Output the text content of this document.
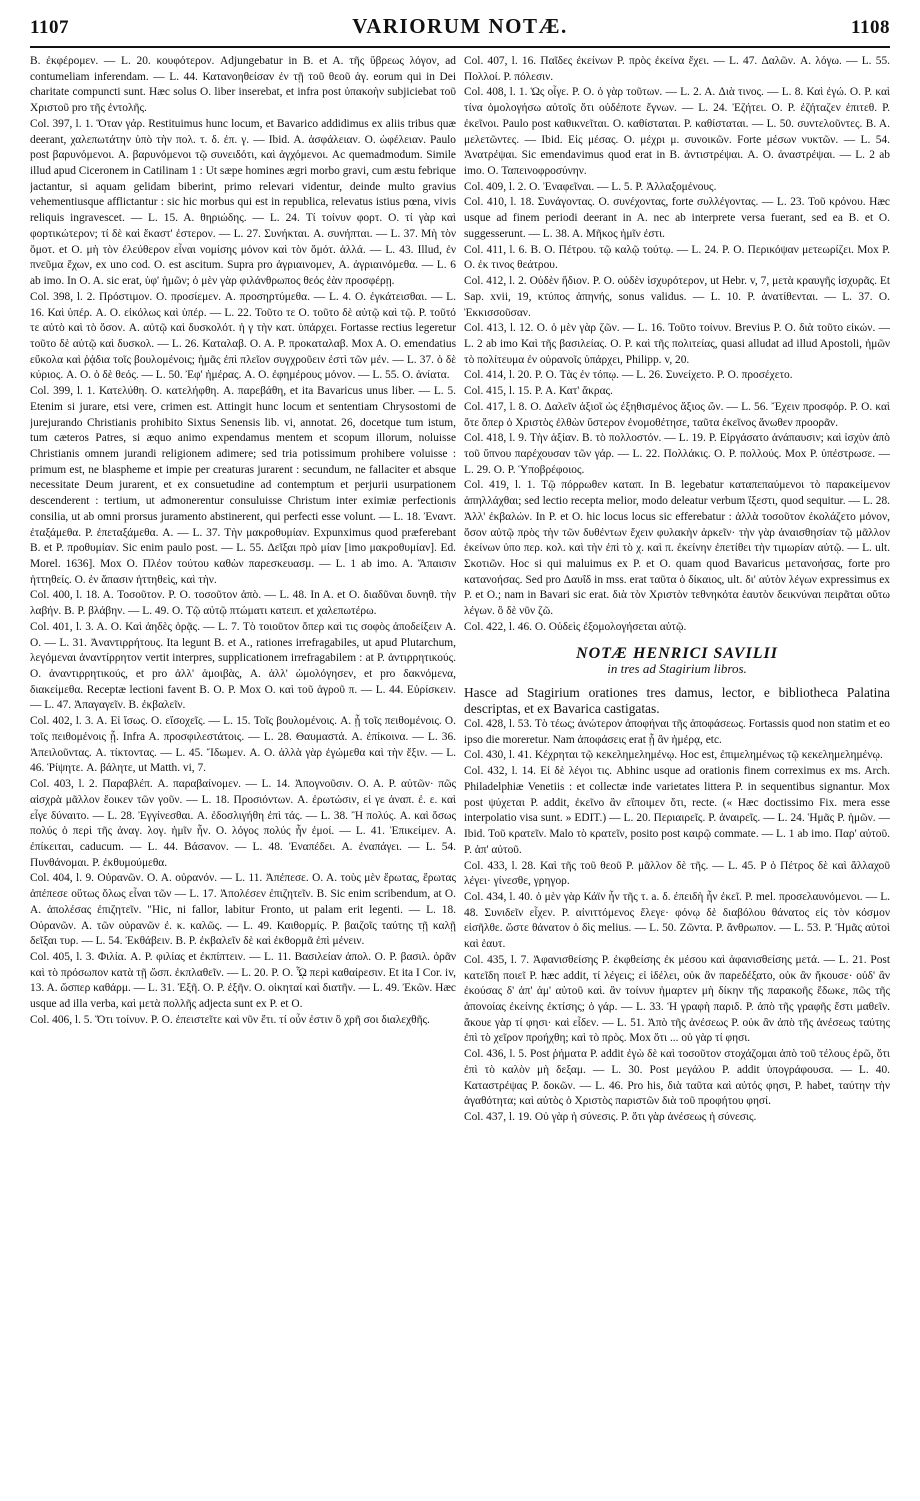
1107	VARIORUM NOTÆ.	1108

B. ἐκφέρομεν. — L. 20. κουφότερον. Adjungebatur in B. et A. τῆς ὕβρεως λόγον, ad contumeliam inferendam. — L. 44. Κατανοηθείσαν ἐν τῇ τοῦ θεοῦ ἀγ. eorum qui in Dei charitate compuncti sunt. Hæc solus O. liber inserebat, et infra post ὑπακοὴν subjiciebat τοῦ Χριστοῦ pro τῆς ἐντολῆς.

Col. 397, l. 1. Ὅταν γάρ. Restituimus hunc locum, et Bavarico addidimus ex aliis tribus quæ deerant, χαλεπωτάτην ὑπὸ τὴν πολ. τ. δ. ἐπ. γ. — Ibid. A. ἀσφάλειαν. O. ὠφέλειαν. Paulo post βαρυνόμενοι. A. βαρυνόμενοι τῷ συνειδότι, καὶ ἀγχόμενοι. Ac quemadmodum. Simile illud apud Ciceronem in Catilinam 1 : Ut sæpe homines ægri morbo gravi, cum æstu febrique jactantur, si aquam gelidam biberint, primo relevari videntur, deinde multo gravius vehementiusque afflictantur : sic hic morbus qui est in republica, relevatus istius pœna, vivis reliquis ingravescet. — L. 15. A. θηριώδης. — L. 24. Τί τοίνυν φορτ. O. τί γὰρ καὶ φορτικώτερον; τί δὲ καὶ ἔκαστ' ἐστερον. — L. 27. Συνήκται. A. συνήπται. — L. 37. Μὴ τὸν ὅμοτ. et O. μὴ τὸν ἐλεύθερον εἶναι νομίσης μόνον καὶ τὸν ὅμότ. ἀλλά. — L. 43. Illud, ἐν πνεῦμα ἔχων, ex uno cod. O. est ascitum. Supra pro ἀγριαινομεν, A. ἀγριαινόμεθα. — L. 6 ab imo. In O. A. sic erat, ὑφ' ἡμῶν; ὁ μὲν γὰρ φιλάνθρωπος θεός ἐὰν προσφέρῃ.

Col. 398, l. 2. Πρόστιμον. O. προσίεμεν. A. προσηρτύμεθα. — L. 4. O. ἐγκάτεισθαι. — L. 16. Καὶ ὑπέρ. A. O. εἰκόλως καὶ ὑπέρ. — L. 22. Τοῦτο τε O. τοῦτο δὲ αὐτῷ καὶ τῷ. P. τοῦτό τε αὐτὸ καὶ τὸ ὅσον. A. αὐτῷ καὶ δυσκολότ. ἡ γ τὴν κατ. ὑπάρχει. Fortasse rectius legeretur τοῦτο δὲ αὐτῷ καὶ δυσκολ. — L. 26. Καταλαβ. O. A. P. προκαταλαβ. Mox A. O. emendatius εὔκολα καὶ ῥᾴδια τοῖς βουλομένοις; ἡμᾶς ἐπὶ πλεῖον συγχροῦειν ἐστὶ τῶν μέν. — L. 37. ὁ δὲ κύριος. A. O. ὁ δὲ θεός. — L. 50. Ἐφ' ἡμέρας. A. O. ἐφημέρους μόνον. — L. 55. O. ἀνίατα.

Col. 399, l. 1. Κατελύθη. O. κατελήφθη. A. παρεβάθη, et ita Bavaricus unus liber. — L. 5. Etenim si jurare, etsi vere, crimen est. Attingit hunc locum et sententiam Chrysostomi de jurejurando Christianis prohibito Sixtus Senensis lib. vi, annotat. 26, docetque tum istum, tum cæteros Patres, si æquo animo expendamus mentem et scopum illorum, noluisse Christianis omnem jurandi religionem adimere; sed tria potissimum prohibere voluisse : primum est, ne blaspheme et impie per creaturas jurarent : secundum, ne fallaciter et absque necessitate Deum jurarent, et ex consuetudine ad contemptum et perjurii usurpationem descenderent : tertium, ut admonerentur consuluisse Christum inter eximiæ perfectionis consilia, ut ab omni prorsus juramento abstinerent, qui perfecti esse volunt. — L. 18. Ἐναντ. ἐταξάμεθα. P. ἐπεταξάμεθα. A. — L. 37. Τὴν μακροθυμίαν. Expunximus quod præferebant B. et P. προθυμίαν. Sic enim paulo post. — L. 55. Δεῖξαι πρὸ μίαν [imo μακροθυμίαν]. Ed. Morel. 1636]. Mox O. Πλέον τούτου καθὼν παρεσκευασμ. — L. 1 ab imo. A. Ἄπαισιν ἡττηθείς. O. ἐν ἅπασιν ἡττηθεὶς, καὶ τὴν.

Col. 400, l. 18. A. Τοσοῦτον. P. O. τοσοῦτον ἀπὸ. — L. 48. In A. et O. διαδῦναι δυνηθ. τὴν λαβήν. B. P. βλάβην. — L. 49. O. Τῷ αὐτῷ πτώματι κατειπ. et χαλεπωτέρω.

Col. 401, l. 3. A. O. Καὶ ἀηδὲς ὁρᾷς. — L. 7. Τὸ τοιοῦτον ὅπερ καὶ τις σοφὸς ἀποδείξειν A. O. — L. 31. Ἀναντιρρήτους. Ita legunt B. et A., rationes irrefragabiles, ut apud Plutarchum, λεγόμεναι ἀναντίρρητον vertit interpres, supplicationem irrefragabilem : at P. ἀντιρρητικούς. O. ἀναντιρρητικούς, et pro ἀλλ' ἀμοιβὰς, A. ἀλλ' ὠμολόγησεν, et pro δακνόμενα, διακείμεθα. Receptæ lectioni favent B. O. P. Mox O. καὶ τοῦ ἀγροῦ π. — L. 44. Εὐρίσκειν. — L. 47. Ἀπαγαγεῖν. B. ἐκβαλεῖν.

Col. 402, l. 3. A. Εἰ ἴσως. O. εἴσοχεῖς. — L. 15. Τοῖς βουλομένοις. A. ᾗ τοῖς πειθομένοις. O. τοῖς πειθομένοις ᾗ. Infra A. προσφιλεστάτοις. — L. 28. Θαυμαστά. A. ἐπίκοινα. — L. 36. Ἀπειλοῦντας. A. τίκτοντας. — L. 45. Ἴδωμεν. A. O. ἀλλὰ γὰρ ἐγώμεθα καὶ τὴν ἕξιν. — L. 46. Ῥίψητε. A. βάλητε, ut Matth. vi, 7.

Col. 403, l. 2. Παραβλέπ. A. παραβαίνομεν. — L. 14. Ἀπογνοῦσιν. O. A. P. αὐτῶν· πῶς αἰσχρὰ μᾶλλον ἔοικεν τῶν γοῦν. — L. 18. Προσιόντων. A. ἐρωτώσιν, εἰ γε ἀναπ. ἐ. ε. καὶ εἶγε δύναιτο. — L. 28. Ἐγγίνεσθαι. A. ἐδοσλιγήθη ἐπὶ τάς. — L. 38. Ἢ πολύς. A. καὶ ὅσως πολύς ὁ περὶ τῆς ἀναγ. λογ. ἡμῖν ἦν. O. λόγος πολύς ἦν ἐμοί. — L. 41. Ἐπικείμεν. A. ἐπίκειται, caducum. — L. 44. Βάσανον. — L. 48. Ἐναπέδει. A. ἐναπάγει. — L. 54. Πυνθάνομαι. P. ἐκθυμούμεθα.

Col. 404, l. 9. Οὐρανῶν. O. A. οὐρανόν. — L. 11. Ἀπέπεσε. O. A. τοὺς μὲν ἔρωτας, ἔρωτας ἀπέπεσε οὕτως ὅλως εἶναι τῶν — L. 17. Ἀπολέσεν ἐπιζητεῖν. B. Sic enim scribendum, at O. A. ἀπολέσας ἐπιζητεῖν. "Hic, ni fallor, labitur Fronto, ut palam erit legenti. — L. 18. Οὐρανῶν. A. τῶν οὐρανῶν ἐ. κ. καλῶς. — L. 49. Καιθορμίς. P. βαιζοῖς ταύτης τῇ καλῇ δεῖξαι τυρ. — L. 54. Ἐκθάβειν. B. P. ἐκβαλεῖν δὲ καὶ ἐκθορμᾶ ἐπὶ μένειν.

Col. 405, l. 3. Φιλία. A. P. φιλίας et ἐκπίπτειν. — L. 11. Βασιλείαν ἀπολ. O. P. βασιλ. ὁρᾶν καὶ τὸ πρόσωπον κατὰ τῇ ὥσπ. ἐκπλαθεῖν. — L. 20. P. O. ᾯ περὶ καθαίρεσιν. Et ita I Cor. iv, 13. A. ὥσπερ καθάρμ. — L. 31. Ἐξῆ. O. P. ἐξῆν. O. οἰκηταί καὶ διατῆν. — L. 49. Ἐκῶν. Hæc usque ad illa verba, καὶ μετὰ πολλῆς adjecta sunt ex P. et O.

Col. 406, l. 5. Ὅτι τοίνυν. P. O. ἐπειστεῖτε καὶ νῦν ἔτι. τί οὖν ἐστιν ὃ χρῆ σοι διαλεχθῆς.

Col. 407, l. 16. Παῖδες ἐκείνων P. πρὸς ἐκείνα ἔχει. — L. 47. Δαλῶν. A. λόγω. — L. 55. Πολλοί. P. πόλεσιν.

Col. 408, l. 1. Ὡς οἶγε. P. O. ὁ γὰρ τοῦτων. — L. 2. A. Διὰ τινος. — L. 8. Καὶ ἐγώ. O. P. καὶ τίνα ὁμολογήσω αὐτοῖς ὅτι οὐδέποτε ἔγνων. — L. 24. Ἐζήτει. O. P. ἐζήταζεν ἐπιτεθ. P. ἐκεῖνοι. Paulo post καθικνεῖται. O. καθίσταται. P. καθίσταται. — L. 50. συντελοῦντες. B. A. μελετῶντες. — Ibid. Εἰς μέσας. O. μέχρι μ. συνοικῶν. Forte μέσων νυκτῶν. — L. 54. Ἀνατρέψαι. Sic emendavimus quod erat in B. ἀντιστρέψαι. A. O. ἀναστρέψαι. — L. 2 ab imo. O. Ταπεινοφροσύνην.

Col. 409, l. 2. O. Ἐναφεῖναι. — L. 5. P. Ἀλλαξομένους.

Col. 410, l. 18. Συνάγοντας. O. συνέχοντας, forte συλλέγοντας. — L. 23. Τοῦ κρόνου. Hæc usque ad finem periodi deerant in A. nec ab interprete versa fuerant, sed ea B. et O. suggesserunt. — L. 38. A. Μῆκος ἡμῖν ἐστι.

Col. 411, l. 6. B. O. Πέτρου. τῷ καλῷ τούτῳ. — L. 24. P. O. Περικόψαν μετεωρίζει. Mox P. O. ἐκ τινος θεάτρου.

Col. 412, l. 2. Οὐδὲν ἥδιον. P. O. οὐδὲν ἰσχυρότερον, ut Hebr. v, 7, μετὰ κραυγῆς ἰσχυρᾶς. Et Sap. xvii, 19, κτύπος ἀπηνής, sonus validus. — L. 10. P. ἀνατίθενται. — L. 37. O. Ἐκκισσοῦσαν.

Col. 413, l. 12. O. ὁ μὲν γὰρ ζῶν. — L. 16. Τοῦτο τοίνυν. Brevius P. O. διὰ τοῦτο εἰκών. — L. 2 ab imo Καὶ τῆς βασιλείας. O. P. καὶ τῆς πολιτείας, quasi alludat ad illud Apostoli, ἡμῶν τὸ πολίτευμα ἐν οὐρανοῖς ὑπάρχει, Philipp. v, 20.

Col. 414, l. 20. P. O. Τὰς ἐν τόπῳ. — L. 26. Συνείχετο. P. O. προσέχετο.

Col. 415, l. 15. P. A. Κατ' ἄκρας.

Col. 417, l. 8. O. Δαλεῖν ἀξιοῖ ὡς ἐξηθισμένος ἄξιος ὤν. — L. 56. Ἔχειν προσφόρ. P. O. καὶ ὅτε ὅπερ ὁ Χριστὸς ἐλθὼν ὕστερον ἐνομοθέτησε, ταῦτα ἐκεῖνος ἄνωθεν προορᾶν.

Col. 418, l. 9. Τὴν ἀξίαν. B. τὸ πολλοστόν. — L. 19. P. Εἰργάσατο ἀνάπαυσιν; καὶ ἰσχὺν ἀπὸ τοῦ ὕπνου παρέχουσαν τῶν γάρ. — L. 22. Πολλάκις. O. P. πολλούς. Mox P. ὑπέστρωσε. — L. 29. O. P. Ὑποβρέφοιος.

Col. 419, l. 1. Τῷ πόρρωθεν καταπ. In B. legebatur καταπεπαύμενοι τὸ παρακείμενον ἀπηλλάχθαι; sed lectio recepta melior, modo deleatur verbum ἴξεστι, quod sequitur. — L. 28. Ἀλλ' ἐκβαλών. In P. et O. hic locus locus sic efferebatur : ἀλλὰ τοσοῦτον ἐκολάζετο μόνον, ὅσον αὐτῷ πρὸς τὴν τῶν δυθέντων ἔχειν φυλακὴν ἀρκεῖν· τὴν γὰρ ἀναισθησίαν τῷ μᾶλλον ἐκείνων ὑπο περ. κολ. καὶ τὴν ἐπὶ τὸ χ. καὶ π. ἐκείνην ἐπετίθει τὴν τιμωρίαν αὐτῷ. — L. ult. Σκοτιῶν. Hoc si qui maluimus ex P. et O. quam quod Bavaricus μετανοήσας, forte pro κατανοήσας. Sed pro Δαυΐδ in mss. erat ταῦτα ὁ δίκαιος, ult. δι' αὐτὸν λέγων expressimus ex P. et O.; nam in Bavari sic erat. διὰ τὸν Χριστὸν τεθνηκότα ἑαυτὸν δεικνύναι πειρᾶται οὕτω λέγων. ὃ δὲ νῦν ζῶ.

Col. 422, l. 46. O. Οὐδεὶς ἐξομολογήσεται αὐτῷ.

NOTÆ HENRICI SAVILII
in tres ad Stagirium libros.

Hasce ad Stagirium orationes tres damus, lector, e bibliotheca Palatina descriptas, et ex Bavarica castigatas.

Col. 428, l. 53. Τὸ τέως; ἀνώτερον ἀποφήναι τῆς ἀποφάσεως. Fortassis quod non statim et eo ipso die moreretur. Nam ἀποφάσεις erat ᾗ ἂν ἡμέρᾳ, etc.

Col. 430, l. 41. Κέχρηται τῷ κεκελημελημένῳ. Hoc est, ἐπιμελημένως τῷ κεκελημελημένῳ.

Col. 432, l. 14. Εἰ δὲ λέγοι τις. Abhinc usque ad orationis finem correximus ex ms. Arch. Philadelphiæ Venetiis : et collectæ inde varietates littera P. in sequentibus signantur. Mox post ψύχεται P. addit, ἐκεῖνο ἂν εἴποιμεν ὅτι, recte. (« Hæc doctissimo Fix. mera esse interpolatio visa sunt. » EDIT.) — L. 20. Περιαιρεῖς. P. ἀναιρεῖς. — L. 24. Ἡμᾶς P. ἡμῶν. — Ibid. Τοῦ κρατεῖν. Malo τὸ κρατεῖν, posito post καιρῷ commate. — L. 1 ab imo. Παρ' αὐτοῦ. P. ἀπ' αὐτοῦ.

Col. 433, l. 28. Καὶ τῆς τοῦ θεοῦ P. μᾶλλον δὲ τῆς. — L. 45. P ὁ Πέτρος δὲ καὶ ἄλλαχοῦ λέγει· γίνεσθε, γρηγορ.

Col. 434, l. 40. ὁ μὲν γὰρ Κάϊν ἦν τῆς τ. a. δ. ἐπειδὴ ἦν ἐκεῖ. P. mel. προσελαυνόμενοι. — L. 48. Συνιδεῖν εἶχεν. P. αἰνιττόμενος ἔλεγε· φόνῳ δὲ διαβόλου θάνατος εἰς τὸν κόσμον εἰσῆλθε. ὥστε θάνατον ὁ δὶς melius. — L. 50. Ζῶντα. P. ἄνθρωπον. — L. 53. P. Ἡμᾶς αὐτοὶ καὶ ἑαυτ.

Col. 435, l. 7. Ἀφανισθείσης P. ἐκφθείσης ἐκ μέσου καὶ ἀφανισθείσης μετά. — L. 21. Post κατεῖδη ποιεῖ P. hæc addit, τί λέγεις; εἰ ἰδέλει, οὐκ ἂν παρεδέξατο, οὐκ ἂν ἤκουσε· οὐδ' ἂν ἐκούσας δ' ἀπ' ἀμ' αὐτοῦ καὶ. ἂν τοίνυν ἡμαρτεν μὴ δίκην τῆς παρακοῆς ἔδωκε, πῶς τῆς ἀπονοίας ἐκείνης ἐκτίσης; ὁ γάρ. — L. 33. Ἡ γραφὴ παριδ. P. ἀπὸ τῆς γραφῆς ἔστι μαθεῖν. ἄκουε γὰρ τί φησι· καὶ εἶδεν. — L. 51. Ἀπὸ τῆς ἀνέσεως P. οὐκ ἂν ἀπὸ τῆς ἀνέσεως ταύτης ἐπὶ τὸ χεῖρον προήχθη; καὶ τὸ πρὸς. Mox ὅτι ... οὐ γὰρ τί φησι.

Col. 436, l. 5. Post ῥήματα P. addit ἐγὼ δὲ καὶ τοσοῦτον στοχάζομαι ἀπὸ τοῦ τέλους ἐρῶ, ὅτι ἐπὶ τὸ καλὸν μὴ δεξαμ. — L. 30. Post μεγάλου P. addit ὑπογράφουσα. — L. 40. Καταστρέψας P. δοκῶν. — L. 46. Pro his, διὰ ταῦτα καὶ αὐτός φησι, P. habet, ταύτην τὴν ἀγαθότητα; καὶ αὐτὸς ὁ Χριστὸς παριστῶν διὰ τοῦ προφήτου φησί.

Col. 437, l. 19. Οὐ γὰρ ἡ σύνεσις. P. ὅτι γὰρ ἀνέσεως ἡ σύνεσις.
